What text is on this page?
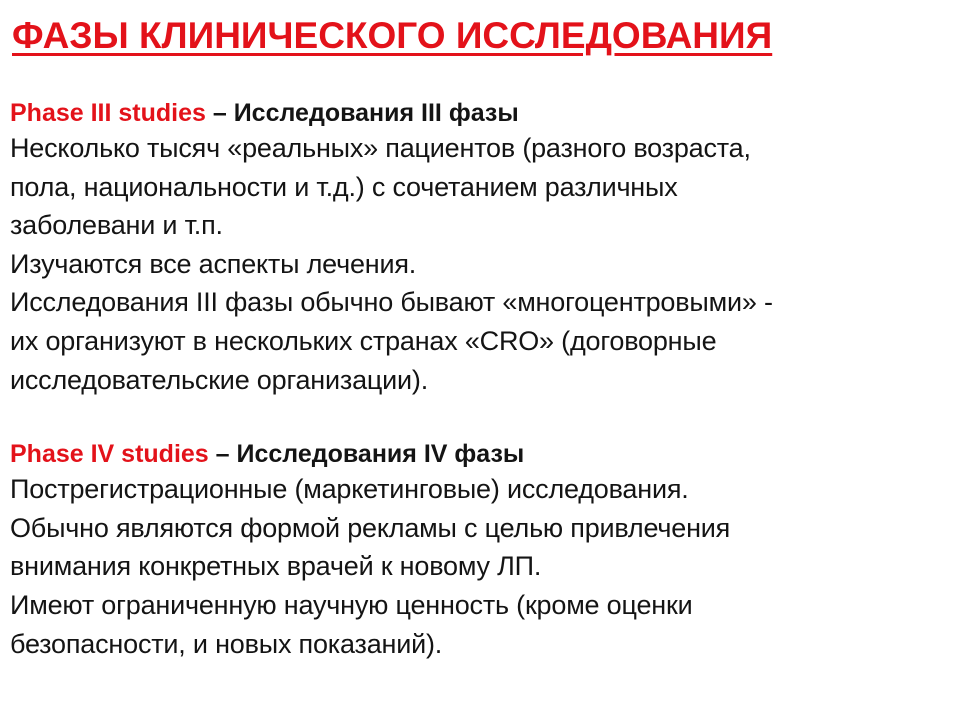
ФАЗЫ КЛИНИЧЕСКОГО ИССЛЕДОВАНИЯ
Phase III studies – Исследования III фазы
Несколько тысяч «реальных» пациентов (разного возраста,
пола, национальности и т.д.) с сочетанием различных
заболевани и т.п.
Изучаются все аспекты лечения.
Исследования III фазы обычно бывают «многоцентровыми» -
их организуют в нескольких странах «CRO» (договорные
исследовательские организации).
Phase IV studies – Исследования IV фазы
Пострегистрационные (маркетинговые) исследования.
Обычно являются формой рекламы с целью привлечения
внимания конкретных врачей к новому ЛП.
Имеют ограниченную научную ценность (кроме оценки
безопасности, и новых показаний).
